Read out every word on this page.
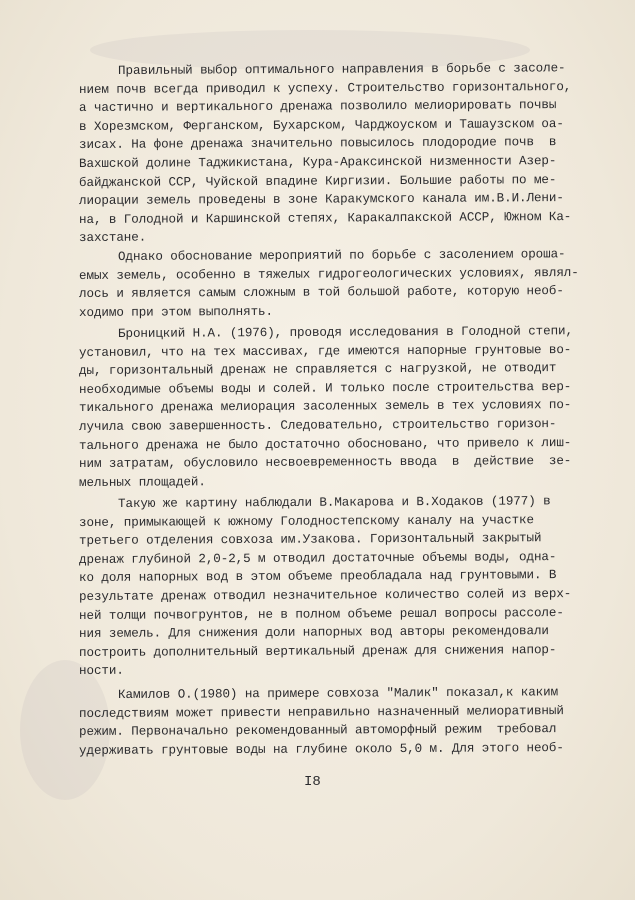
Правильный выбор оптимального направления в борьбе с засоле-
нием почв всегда приводил к успеху. Строительство горизонтального,
а частично и вертикального дренажа позволило мелиорировать почвы
в Хорезмском, Ферганском, Бухарском, Чарджоуском и Ташаузском оа-
зисах. На фоне дренажа значительно повысилось плодородие почв  в
Вахшской долине Таджикистана, Кура-Араксинской низменности Азер-
байджанской ССР, Чуйской впадине Киргизии. Большие работы по ме-
лиорации земель проведены в зоне Каракумского канала им.В.И.Лени-
на, в Голодной и Каршинской степях, Каракалпакской АССР, Южном Ка-
захстане.
Однако обоснование мероприятий по борьбе с засолением ороша-
емых земель, особенно в тяжелых гидрогеологических условиях, являл-
лось и является самым сложным в той большой работе, которую необ-
ходимо при этом выполнять.
Броницкий Н.А. (1976), проводя исследования в Голодной степи,
установил, что на тех массивах, где имеются напорные грунтовые во-
ды, горизонтальный дренаж не справляется с нагрузкой, не отводит
необходимые объемы воды и солей. И только после строительства вер-
тикального дренажа мелиорация засоленных земель в тех условиях по-
лучила свою завершенность. Следовательно, строительство горизон-
тального дренажа не было достаточно обосновано, что привело к лиш-
ним затратам, обусловило несвоевременность ввода  в  действие  зе-
мельных площадей.
Такую же картину наблюдали В.Макарова и В.Ходаков (1977) в
зоне, примыкающей к южному Голодностепскому каналу на участке
третьего отделения совхоза им.Узакова. Горизонтальный закрытый
дренаж глубиной 2,0-2,5 м отводил достаточные объемы воды, одна-
ко доля напорных вод в этом объеме преобладала над грунтовыми. В
результате дренаж отводил незначительное количество солей из верх-
ней толщи почвогрунтов, не в полном объеме решал вопросы рассоле-
ния земель. Для снижения доли напорных вод авторы рекомендовали
построить дополнительный вертикальный дренаж для снижения напор-
ности.
Камилов О.(1980) на примере совхоза "Малик" показал,к каким
последствиям может привести неправильно назначенный мелиоративный
режим. Первоначально рекомендованный автоморфный режим  требовал
удерживать грунтовые воды на глубине около 5,0 м. Для этого необ-
I8
